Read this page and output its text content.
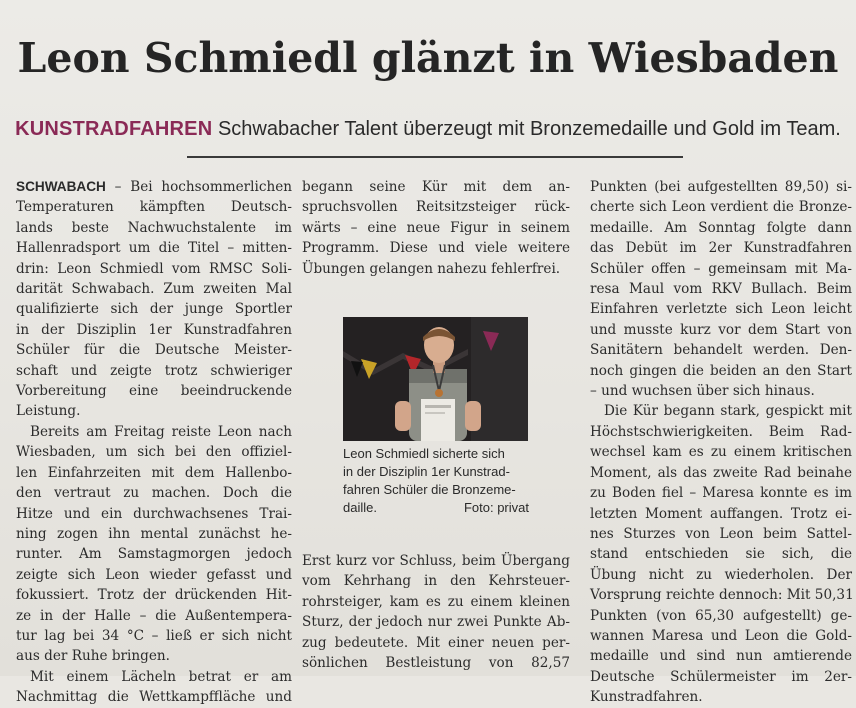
Leon Schmiedl glänzt in Wiesbaden
KUNSTRADFAHREN Schwabacher Talent überzeugt mit Bronzemedaille und Gold im Team.
SCHWABACH – Bei hochsommerlichen
Temperaturen kämpften Deutsch-
lands beste Nachwuchstalente im
Hallenradsport um die Titel – mitten-
drin: Leon Schmiedl vom RMSC Soli-
darität Schwabach. Zum zweiten Mal
qualifizierte sich der junge Sportler
in der Disziplin 1er Kunstradfahren
Schüler für die Deutsche Meister-
schaft und zeigte trotz schwieriger
Vorbereitung eine beeindruckende
Leistung.
Bereits am Freitag reiste Leon nach
Wiesbaden, um sich bei den offiziel-
len Einfahrzeiten mit dem Hallenbo-
den vertraut zu machen. Doch die
Hitze und ein durchwachsenes Trai-
ning zogen ihn mental zunächst he-
runter. Am Samstagmorgen jedoch
zeigte sich Leon wieder gefasst und
fokussiert. Trotz der drückenden Hit-
ze in der Halle – die Außentempera-
tur lag bei 34 °C – ließ er sich nicht
aus der Ruhe bringen.
Mit einem Lächeln betrat er am
Nachmittag die Wettkampffläche und
begann seine Kür mit dem an-
spruchsvollen Reitsitzsteiger rück-
wärts – eine neue Figur in seinem
Programm. Diese und viele weitere
Übungen gelangen nahezu fehlerfrei.
Leon Schmiedl sicherte sich
in der Disziplin 1er Kunstrad-
fahren Schüler die Bronzeme-
daille.	Foto: privat
Erst kurz vor Schluss, beim Übergang
vom Kehrhang in den Kehrsteuer-
rohrsteiger, kam es zu einem kleinen
Sturz, der jedoch nur zwei Punkte Ab-
zug bedeutete. Mit einer neuen per-
sönlichen Bestleistung von 82,57
Punkten (bei aufgestellten 89,50) si-
cherte sich Leon verdient die Bronze-
medaille. Am Sonntag folgte dann
das Debüt im 2er Kunstradfahren
Schüler offen – gemeinsam mit Ma-
resa Maul vom RKV Bullach. Beim
Einfahren verletzte sich Leon leicht
und musste kurz vor dem Start von
Sanitätern behandelt werden. Den-
noch gingen die beiden an den Start
– und wuchsen über sich hinaus.
Die Kür begann stark, gespickt mit
Höchstschwierigkeiten. Beim Rad-
wechsel kam es zu einem kritischen
Moment, als das zweite Rad beinahe
zu Boden fiel – Maresa konnte es im
letzten Moment auffangen. Trotz ei-
nes Sturzes von Leon beim Sattel-
stand entschieden sie sich, die
Übung nicht zu wiederholen. Der
Vorsprung reichte dennoch: Mit 50,31
Punkten (von 65,30 aufgestellt) ge-
wannen Maresa und Leon die Gold-
medaille und sind nun amtierende
Deutsche Schülermeister im 2er-
Kunstradfahren.
